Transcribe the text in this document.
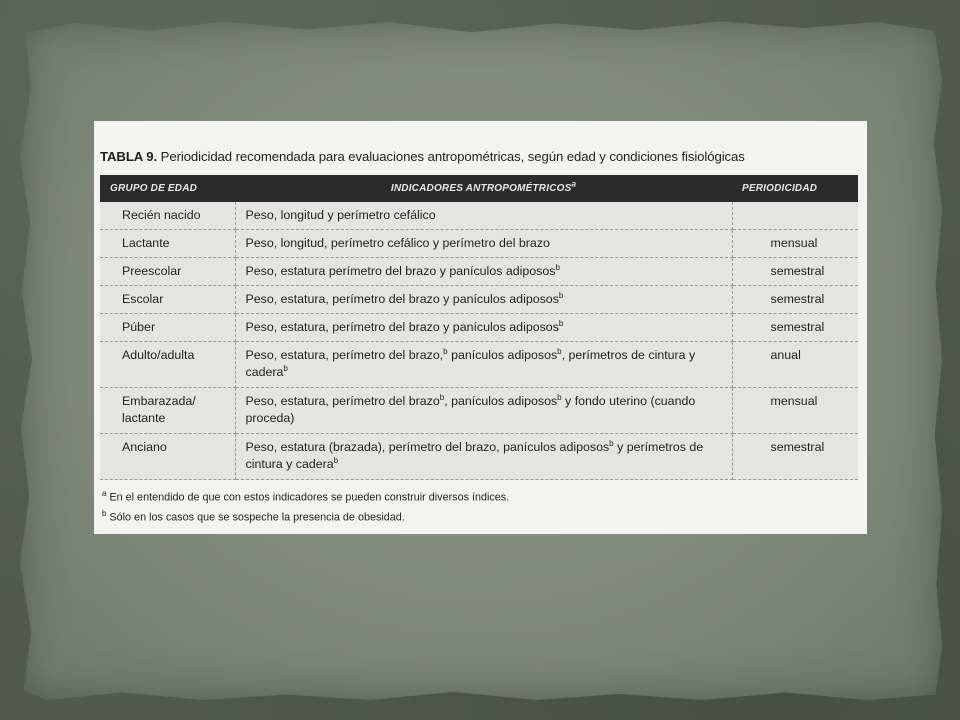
TABLA 9. Periodicidad recomendada para evaluaciones antropométricas, según edad y condiciones fisiológicas
GRUPO DE EDAD	INDICADORES ANTROPOMÉTRICOS$^a$	PERIODICIDAD
Recién nacido	Peso, longitud y perímetro cefálico	
Lactante	Peso, longitud, perímetro cefálico y perímetro del brazo	mensual
Preescolar	Peso, estatura perímetro del brazo y panículos adiposos$^b$	semestral
Escolar	Peso, estatura, perímetro del brazo y panículos adiposos$^b$	semestral
Púber	Peso, estatura, perímetro del brazo y panículos adiposos$^b$	semestral
Adulto/adulta	Peso, estatura, perímetro del brazo,$^b$ panículos adiposos$^b$, perímetros de cintura y cadera$^b$	anual
Embarazada/ lactante	Peso, estatura, perímetro del brazo$^b$, panículos adiposos$^b$ y fondo uterino (cuando proceda)	mensual
Anciano	Peso, estatura (brazada), perímetro del brazo, panículos adiposos$^b$ y perímetros de cintura y cadera$^b$	semestral
$^a$ En el entendido de que con estos indicadores se pueden construir diversos índices.
$^b$ Sólo en los casos que se sospeche la presencia de obesidad.
